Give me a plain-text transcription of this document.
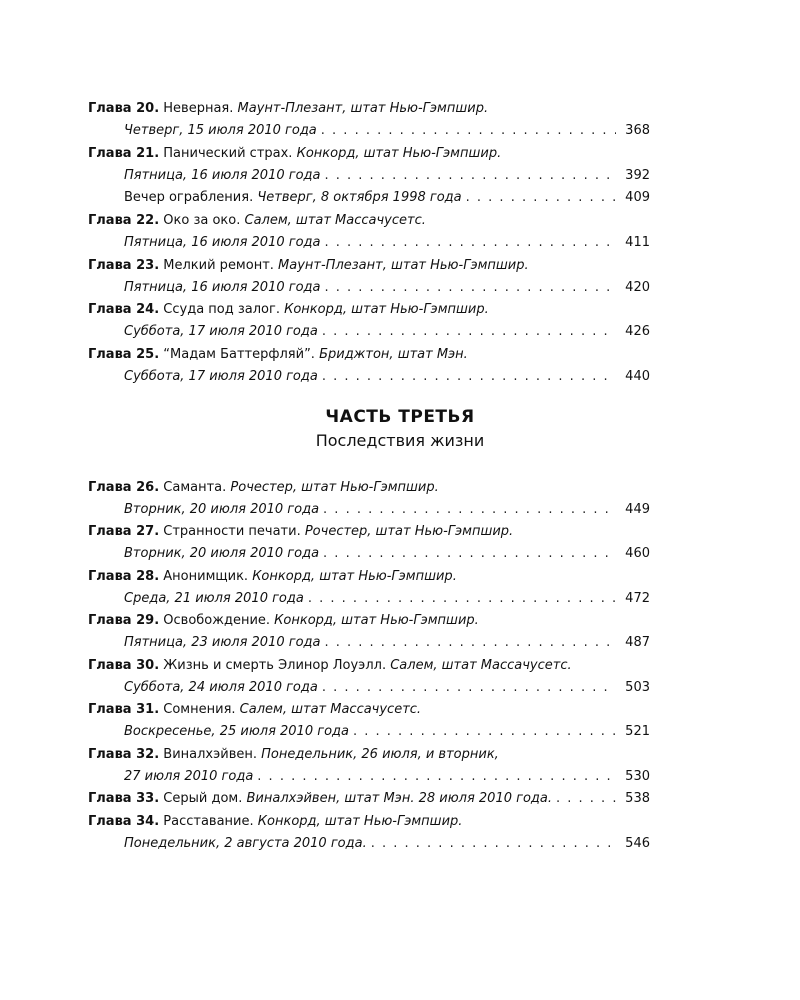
Глава 20. Неверная. Маунт-Плезант, штат Нью-Гэмпшир.
Четверг, 15 июля 2010 года . . .	368
Глава 21. Панический страх. Конкорд, штат Нью-Гэмпшир.
Пятница, 16 июля 2010 года . . .	392
Вечер ограбления.
Четверг, 8 октября 1998 года . . .	409
Глава 22. Око за око. Салем, штат Массачусетс.
Пятница, 16 июля 2010 года . . .	411
Глава 23. Мелкий ремонт. Маунт-Плезант, штат Нью-Гэмпшир.
Пятница, 16 июля 2010 года . . .	420
Глава 24. Ссуда под залог. Конкорд, штат Нью-Гэмпшир.
Суббота, 17 июля 2010 года . . .	426
Глава 25. “Мадам Баттерфляй”. Бриджтон, штат Мэн.
Суббота, 17 июля 2010 года . . .	440
ЧАСТЬ ТРЕТЬЯ
Последствия жизни
Глава 26. Саманта. Рочестер, штат Нью-Гэмпшир.
Вторник, 20 июля 2010 года . . .	449
Глава 27. Странности печати. Рочестер, штат Нью-Гэмпшир.
Вторник, 20 июля 2010 года . . .	460
Глава 28. Анонимщик. Конкорд, штат Нью-Гэмпшир.
Среда, 21 июля 2010 года . . .	472
Глава 29. Освобождение. Конкорд, штат Нью-Гэмпшир.
Пятница, 23 июля 2010 года . . .	487
Глава 30. Жизнь и смерть Элинор Лоуэлл. Салем, штат Массачусетс.
Суббота, 24 июля 2010 года . . .	503
Глава 31. Сомнения. Салем, штат Массачусетс.
Воскресенье, 25 июля 2010 года . . .	521
Глава 32. Виналхэйвен. Понедельник, 26 июля, и вторник,
27 июля 2010 года . . .	530
Глава 33.
Серый дом.
Виналхэйвен, штат Мэн. 28 июля 2010 года. . . .	538
Глава 34. Расставание. Конкорд, штат Нью-Гэмпшир.
Понедельник, 2 августа 2010 года. . . .	546
